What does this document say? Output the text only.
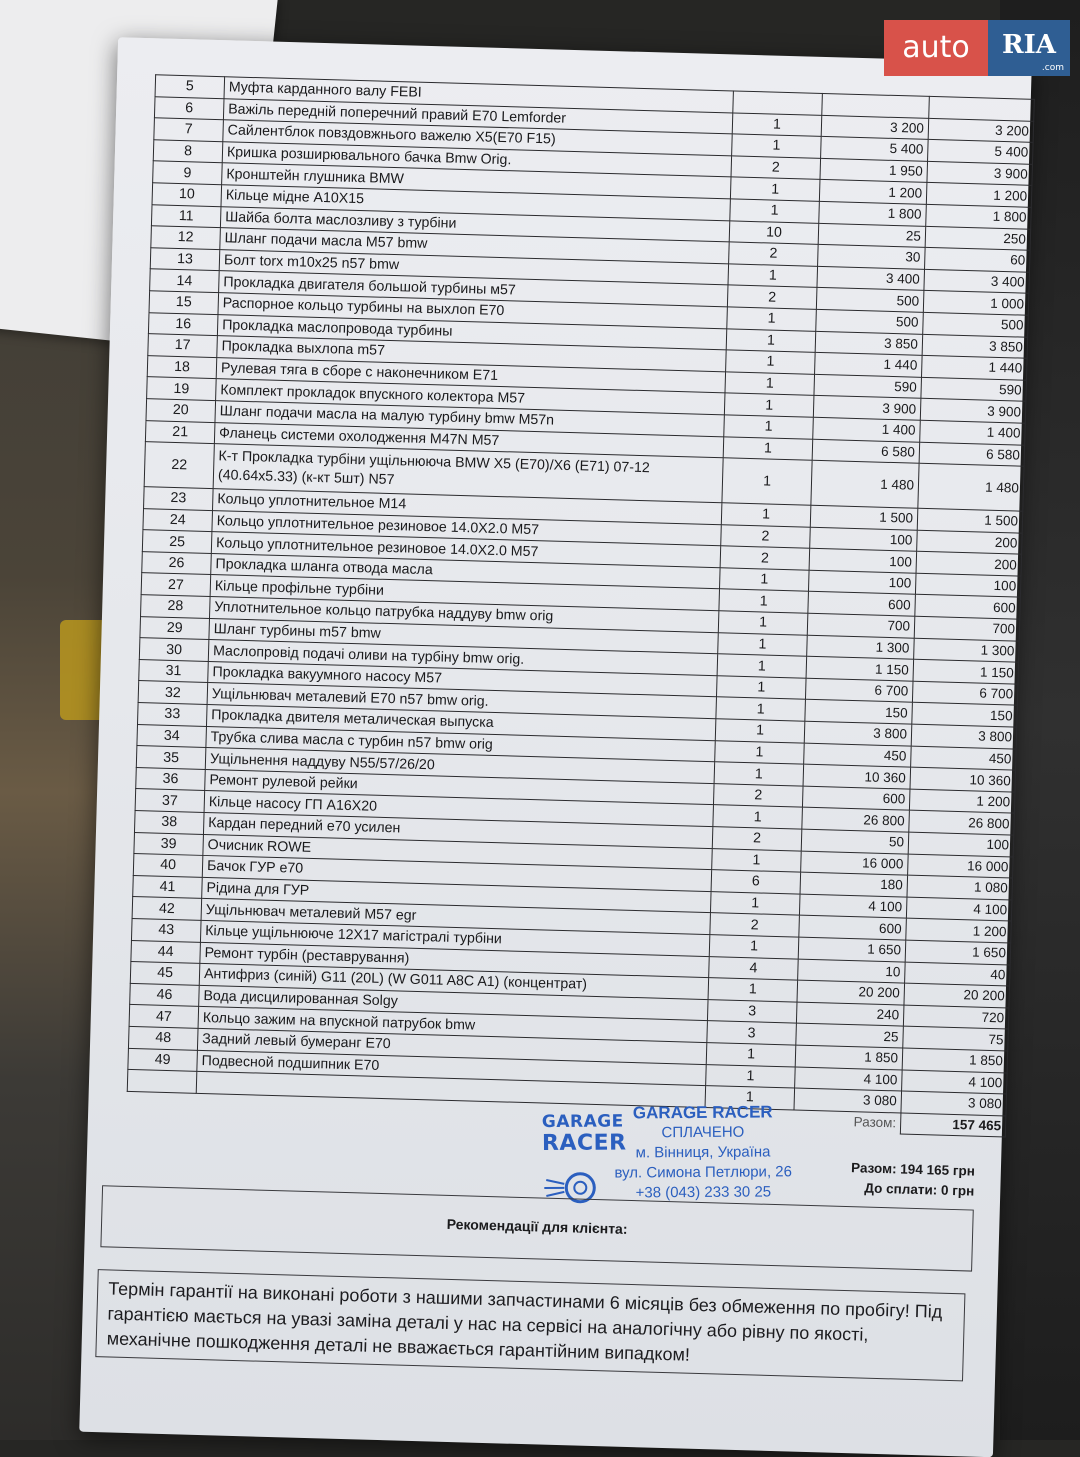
5	Муфта карданного валу FEBI			
6	Важіль передній поперечний правий E70 Lemforder	1	3 200	3 200
7	Сайлентблок повздовжнього важелю X5(E70 F15)	1	5 400	5 400
8	Кришка розширювального бачка Bmw Orig.	2	1 950	3 900
9	Кронштейн глушника BMW	1	1 200	1 200
10	Кільце мідне A10X15	1	1 800	1 800
11	Шайба болта маслозливу з турбіни	10	25	250
12	Шланг подачи масла M57 bmw	2	30	60
13	Болт torx m10x25 n57 bmw	1	3 400	3 400
14	Прокладка двигателя большой турбины м57	2	500	1 000
15	Распорное кольцо турбины на выхлоп E70	1	500	500
16	Прокладка маслопровода турбины	1	3 850	3 850
17	Прокладка выхлопа m57	1	1 440	1 440
18	Рулевая тяга в сборе с наконечником E71	1	590	590
19	Комплект прокладок впускного колектора M57	1	3 900	3 900
20	Шланг подачи масла на малую турбину bmw M57n	1	1 400	1 400
21	Фланець системи охолодження M47N M57	1	6 580	6 580
22	К-т Прокладка турбіни ущільнююча BMW X5 (E70)/X6 (E71) 07-12 (40.64x5.33) (к-кт 5шт) N57	1	1 480	1 480
23	Кольцо уплотнительное M14	1	1 500	1 500
24	Кольцо уплотнительное резиновое 14.0X2.0 M57	2	100	200
25	Кольцо уплотнительное резиновое 14.0X2.0 M57	2	100	200
26	Прокладка шланга отвода масла	1	100	100
27	Кільце профільне турбіни	1	600	600
28	Уплотнительное кольцо патрубка наддуву bmw orig	1	700	700
29	Шланг турбины m57 bmw	1	1 300	1 300
30	Маслопровід подачі оливи на турбіну bmw orig.	1	1 150	1 150
31	Прокладка вакуумного насосу M57	1	6 700	6 700
32	Ущільнювач металевий E70 n57 bmw orig.	1	150	150
33	Прокладка двителя металическая выпуска	1	3 800	3 800
34	Трубка слива масла с турбин n57 bmw orig	1	450	450
35	Ущільнення наддуву N55/57/26/20	1	10 360	10 360
36	Ремонт рулевой рейки	2	600	1 200
37	Кільце насосу ГП A16X20	1	26 800	26 800
38	Кардан передний e70 усилен	2	50	100
39	Очисник ROWE	1	16 000	16 000
40	Бачок ГУР e70	6	180	1 080
41	Рідина для ГУР	1	4 100	4 100
42	Ущільнювач металевий M57 egr	2	600	1 200
43	Кільце ущільнююче 12X17 магістралі турбіни	1	1 650	1 650
44	Ремонт турбін (реставрування)	4	10	40
45	Антифриз (синій) G11 (20L) (W G011 A8C A1) (концентрат)	1	20 200	20 200
46	Вода дисцилированная Solgy	3	240	720
47	Кольцо зажим на впускной патрубок bmw	3	25	75
48	Задний левый бумеранг E70	1	1 850	1 850
49	Подвесной подшипник E70	1	4 100	4 100
		1	3 080	3 080
			Разом:	157 465
GARAGE
RACER
GARAGE RACER
СПЛАЧЕНО
м. Вінниця, Україна
вул. Симона Петлюри, 26
+38 (043) 233 30 25
Разом: 194 165 грн
До сплати: 0 грн
Рекомендації для клієнта:
Термін гарантії на виконані роботи з нашими запчастинами 6 місяців без обмеження по пробігу! Під гарантією мається на увазі заміна деталі у нас на сервісі на аналогічну або рівну по якості, механічне пошкодження деталі не вважається гарантійним випадком!
auto	RIA
.com
